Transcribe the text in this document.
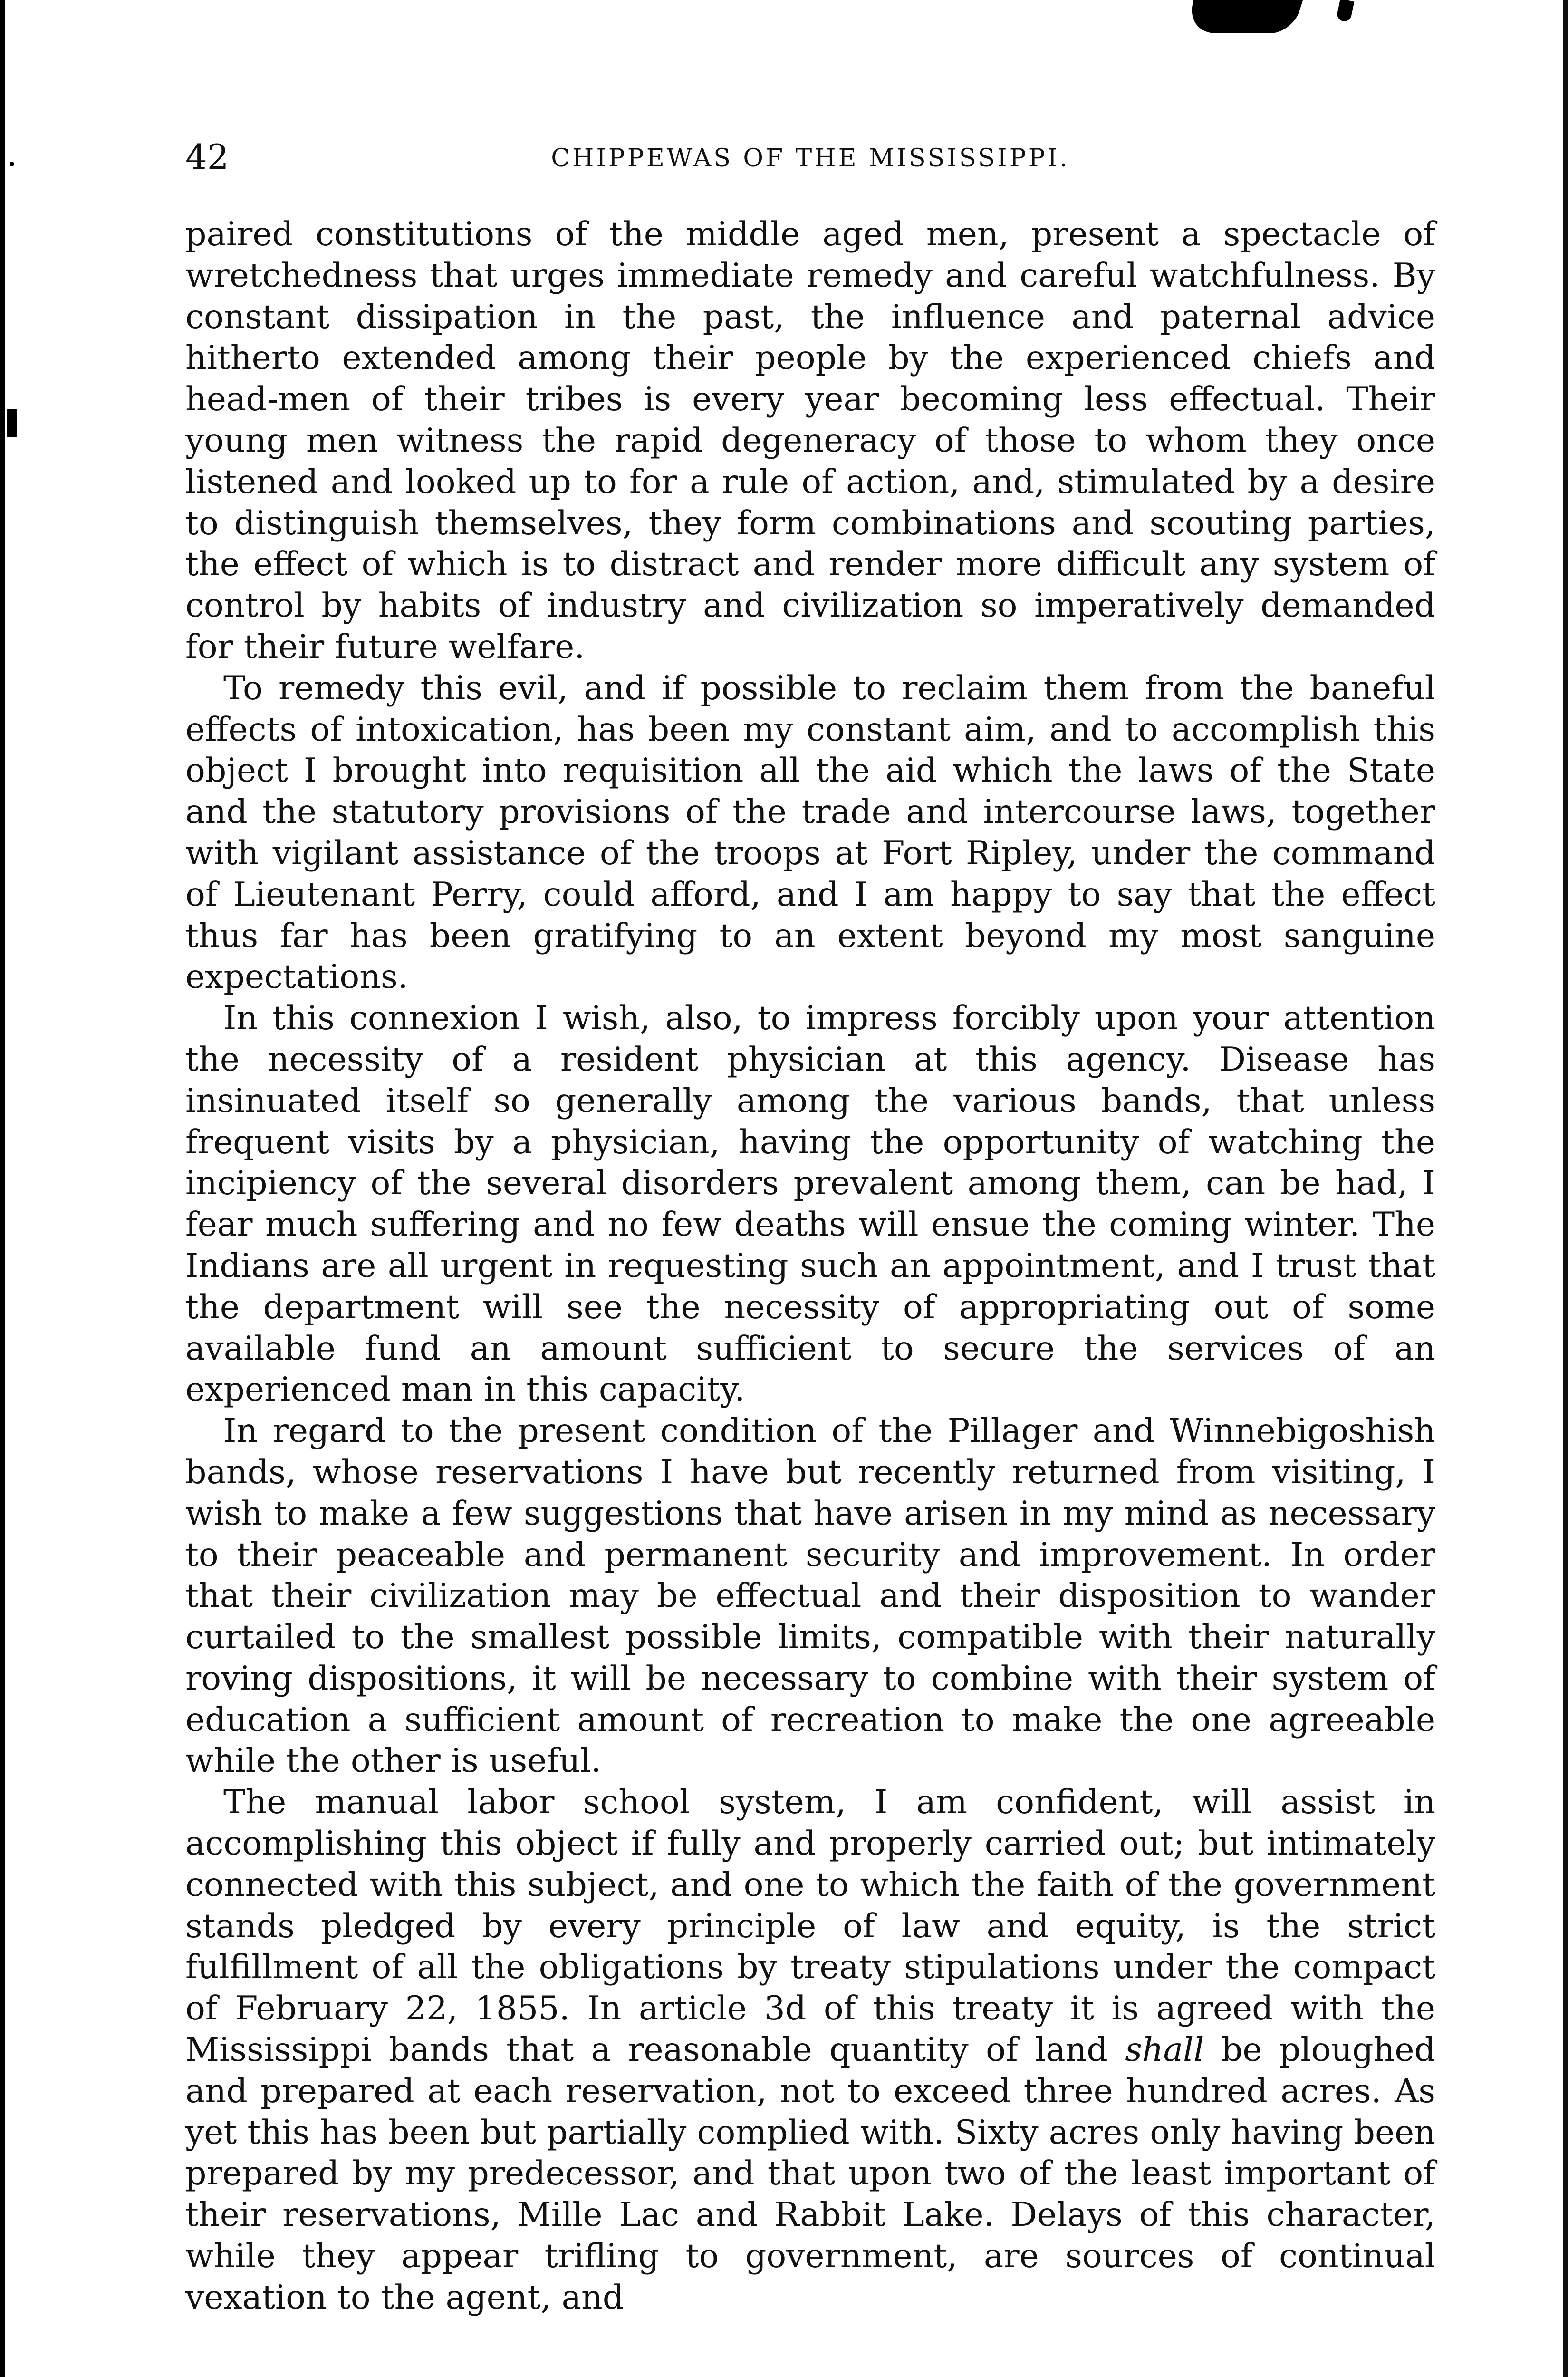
42	CHIPPEWAS OF THE MISSISSIPPI.

paired constitutions of the middle aged men, present a spectacle of wretchedness that urges immediate remedy and careful watchfulness. By constant dissipation in the past, the influence and paternal advice hitherto extended among their people by the experienced chiefs and head-men of their tribes is every year becoming less effectual. Their young men witness the rapid degeneracy of those to whom they once listened and looked up to for a rule of action, and, stimulated by a desire to distinguish themselves, they form combinations and scouting parties, the effect of which is to distract and render more difficult any system of control by habits of industry and civilization so imperatively demanded for their future welfare.

To remedy this evil, and if possible to reclaim them from the baneful effects of intoxication, has been my constant aim, and to accomplish this object I brought into requisition all the aid which the laws of the State and the statutory provisions of the trade and intercourse laws, together with vigilant assistance of the troops at Fort Ripley, under the command of Lieutenant Perry, could afford, and I am happy to say that the effect thus far has been gratifying to an extent beyond my most sanguine expectations.

In this connexion I wish, also, to impress forcibly upon your attention the necessity of a resident physician at this agency. Disease has insinuated itself so generally among the various bands, that unless frequent visits by a physician, having the opportunity of watching the incipiency of the several disorders prevalent among them, can be had, I fear much suffering and no few deaths will ensue the coming winter. The Indians are all urgent in requesting such an appointment, and I trust that the department will see the necessity of appropriating out of some available fund an amount sufficient to secure the services of an experienced man in this capacity.

In regard to the present condition of the Pillager and Winnebigoshish bands, whose reservations I have but recently returned from visiting, I wish to make a few suggestions that have arisen in my mind as necessary to their peaceable and permanent security and improvement. In order that their civilization may be effectual and their disposition to wander curtailed to the smallest possible limits, compatible with their naturally roving dispositions, it will be necessary to combine with their system of education a sufficient amount of recreation to make the one agreeable while the other is useful.

The manual labor school system, I am confident, will assist in accomplishing this object if fully and properly carried out; but intimately connected with this subject, and one to which the faith of the government stands pledged by every principle of law and equity, is the strict fulfillment of all the obligations by treaty stipulations under the compact of February 22, 1855. In article 3d of this treaty it is agreed with the Mississippi bands that a reasonable quantity of land shall be ploughed and prepared at each reservation, not to exceed three hundred acres. As yet this has been but partially complied with. Sixty acres only having been prepared by my predecessor, and that upon two of the least important of their reservations, Mille Lac and Rabbit Lake. Delays of this character, while they appear trifling to government, are sources of continual vexation to the agent, and
